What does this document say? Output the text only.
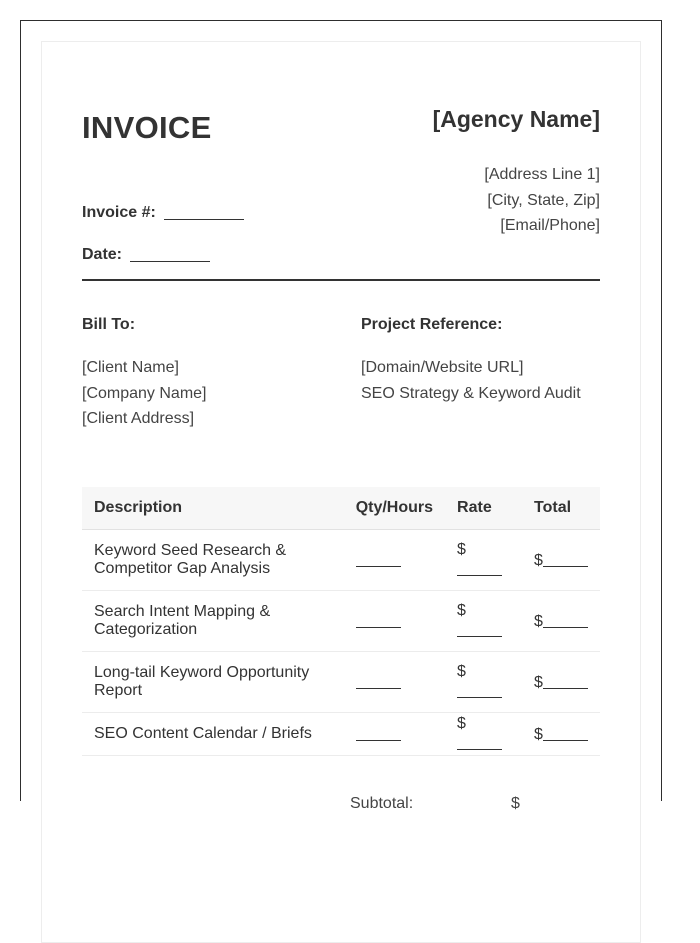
INVOICE	[Agency Name]
[Address Line 1]
[City, State, Zip]
[Email/Phone]
Invoice #:
Date:
Bill To:
[Client Name]
[Company Name]
[Client Address]
Project Reference:
[Domain/Website URL]
SEO Strategy & Keyword Audit
Description	Qty/Hours	Rate	Total

Keyword Seed Research &
Competitor Gap Analysis		$	$

Search Intent Mapping &
Categorization		$	$

Long-tail Keyword Opportunity
Report		$	$

SEO Content Calendar / Briefs		$	$
Subtotal:	$
